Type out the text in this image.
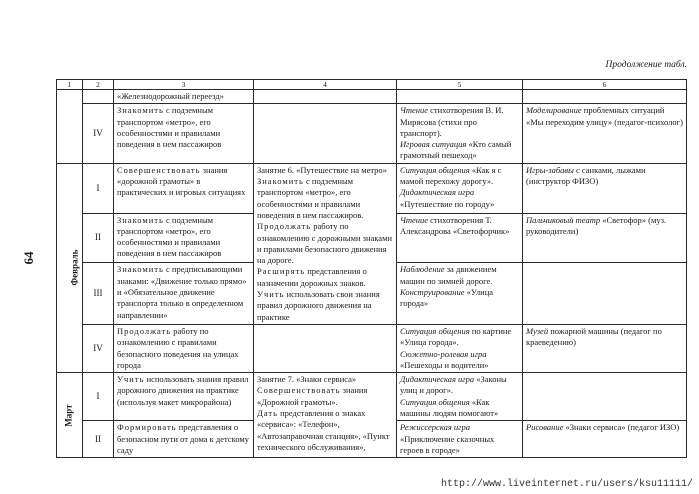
64
Продолжение табл.
1	2	3	4	5	6
		«Железнодорожный переезд»			
	IV	Знакомить с подземным транспортом «метро», его особенностями и правилами поведения в нем пассажиров		Чтение стихотворения В. И. Мирясова (стихи про транспорт).
Игровая ситуация «Кто самый грамотный пешеход»	Моделирование проблемных ситуаций «Мы переходим улицу» (педагог-психолог)
Февраль	I	Совершенствовать знания «дорожной грамоты» в практических и игровых ситуациях	Занятие 6. «Путешествие на метро»
Знакомить с подземным транспортом «метро», его особенностями и правилами поведения в нем пассажиров.
Продолжать работу по ознакомлению с дорожными знаками и правилами безопасного движения на дороге.
Расширять представления о назначении дорожных знаков.
Учить использовать свои знания правил дорожного движения на практике	Ситуация общения «Как я с мамой перехожу дорогу».
Дидактическая игра «Путешествие по городу»	Игры-забавы с санками, лыжами (инструктор ФИЗО)
	II	Знакомить с подземным транспортом «метро», его особенностями и правилами поведения в нем пассажиров		Чтение стихотворения Т. Александрова «Светофорчик»	Пальчиковый театр «Светофор» (муз. руководители)
	III	Знакомить с предписывающими знаками: «Движение только прямо» и «Обязательное движение транспорта только в определенном направлении»		Наблюдение за движением машин по зимней дороге.
Конструирование «Улица города»	
	IV	Продолжать работу по ознакомлению с правилами безопасного поведения на улицах города		Ситуация общения по картине «Улица города».
Сюжетно-ролевая игра «Пешеходы и водители»	Музей пожарной машины (педагог по краеведению)
Март	I	Учить использовать знания правил дорожного движения на практике (используя макет микрорайона)	Занятие 7. «Знаки сервиса»
Совершенствовать знания «Дорожной грамоты».
Дать представления о знаках «сервиса»: «Телефон», «Автозаправочная станция», «Пункт технического обслуживания»,	Дидактическая игра «Законы улиц и дорог».
Ситуация общения «Как машины людям помогают»	
	II	Формировать представления о безопасном пути от дома к детскому саду		Режиссерская игра «Приключение сказочных героев в городе»	Рисование «Знаки сервиса» (педагог ИЗО)
http://www.liveinternet.ru/users/ksu11111/
